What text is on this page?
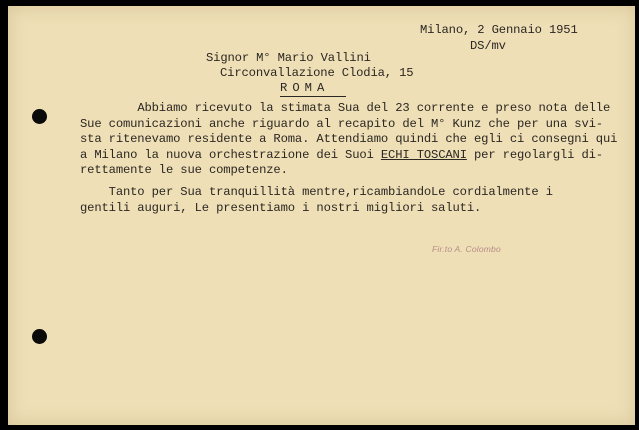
Milano, 2 Gennaio 1951
DS/mv
Signor M° Mario Vallini
Circonvallazione Clodia, 15
ROMA
Abbiamo ricevuto la stimata Sua del 23 corrente e preso nota delle
Sue comunicazioni anche riguardo al recapito del M° Kunz che per una svi-
sta ritenevamo residente a Roma. Attendiamo quindi che egli ci consegni qui
a Milano la nuova orchestrazione dei Suoi ECHI TOSCANI per regolargli di-
rettamente le sue competenze.
Tanto per Sua tranquillità mentre,ricambiandoLe cordialmente i
gentili auguri, Le presentiamo i nostri migliori saluti.
Fir.to A. Colombo
